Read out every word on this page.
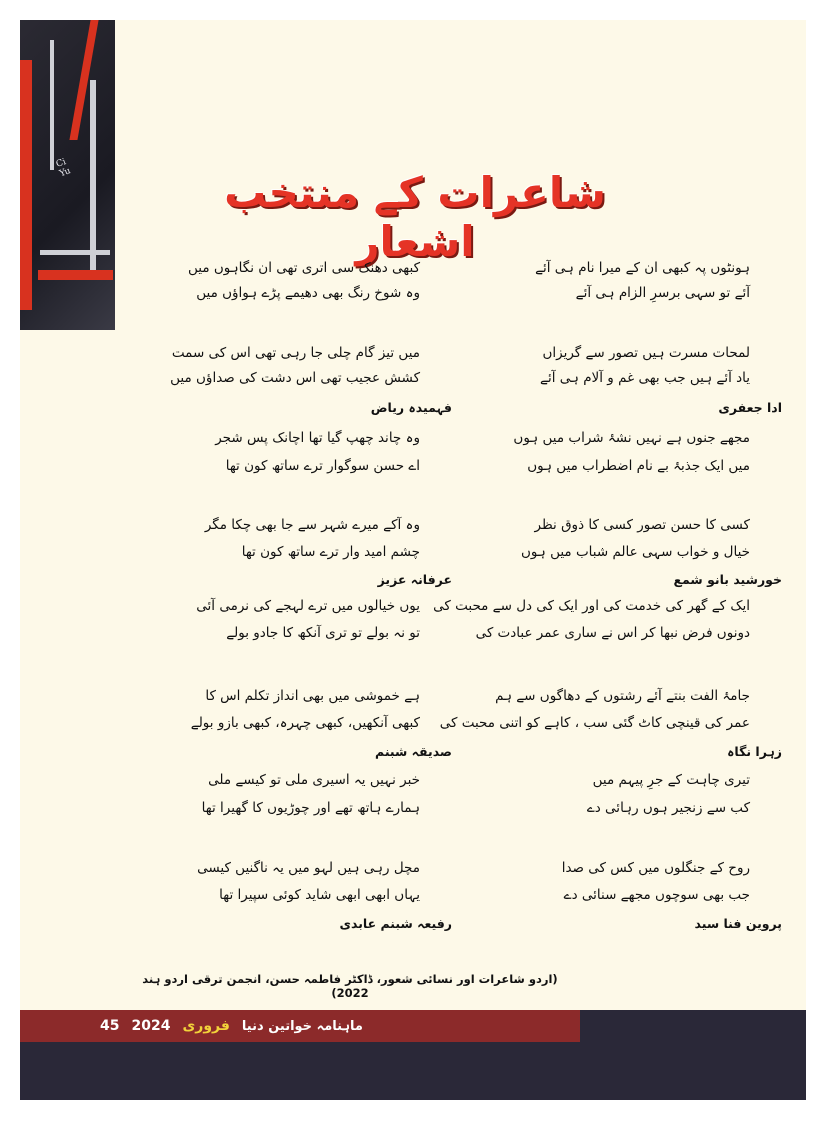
Ci
Yu	شاعرات کے منتخب اشعار
ہونٹوں پہ کبھی ان کے میرا نام ہی آئے
آئے تو سہی برسرِ الزام ہی آئے
لمحات مسرت ہیں تصور سے گریزاں
یاد آئے ہیں جب بھی غم و آلام ہی آئے
ادا جعفری
مجھے جنوں ہے نہیں نشۂ شراب میں ہوں
میں ایک جذبۂ بے نام اضطراب میں ہوں
کسی کا حسن تصور کسی کا ذوق نظر
خیال و خواب سہی عالم شباب میں ہوں
خورشید بانو شمع
ایک کے گھر کی خدمت کی اور ایک کی دل سے محبت کی
دونوں فرض نبھا کر اس نے ساری عمر عبادت کی
جامۂ الفت بنتے آئے رشتوں کے دھاگوں سے ہم
عمر کی قینچی کاٹ گئی سب ، کاہے کو اتنی محبت کی
زہرا نگاہ
تیری چاہت کے جرِ پیہم میں
کب سے زنجیر ہوں رہائی دے
روح کے جنگلوں میں کس کی صدا
جب بھی سوچوں مجھے سنائی دے
پروین فنا سید
کبھی دھنک سی اتری تھی ان نگاہوں میں
وہ شوخ رنگ بھی دھیمے پڑے ہواؤں میں
میں تیز گام چلی جا رہی تھی اس کی سمت
کشش عجیب تھی اس دشت کی صداؤں میں
فہمیدہ ریاض
وہ چاند چھپ گیا تھا اچانک پس شجر
اے حسن سوگوار ترے ساتھ کون تھا
وہ آکے میرے شہر سے جا بھی چکا مگر
چشم امید وار ترے ساتھ کون تھا
عرفانہ عزیز
یوں خیالوں میں ترے لہجے کی نرمی آئی
تو نہ بولے تو تری آنکھ کا جادو بولے
ہے خموشی میں بھی انداز تکلم اس کا
کبھی آنکھیں، کبھی چہرہ، کبھی بازو بولے
صدیقہ شبنم
خبر نہیں یہ اسیری ملی تو کیسے ملی
ہمارے ہاتھ تھے اور چوڑیوں کا گھیرا تھا
مچل رہی ہیں لہو میں یہ ناگنیں کیسی
یہاں ابھی ابھی شاید کوئی سپیرا تھا
رفیعہ شبنم عابدی
(اردو شاعرات اور نسائی شعور، ڈاکٹر فاطمہ حسن، انجمن ترقی اردو ہند 2022)
45 2024 فروری ماہنامہ خواتین دنیا
